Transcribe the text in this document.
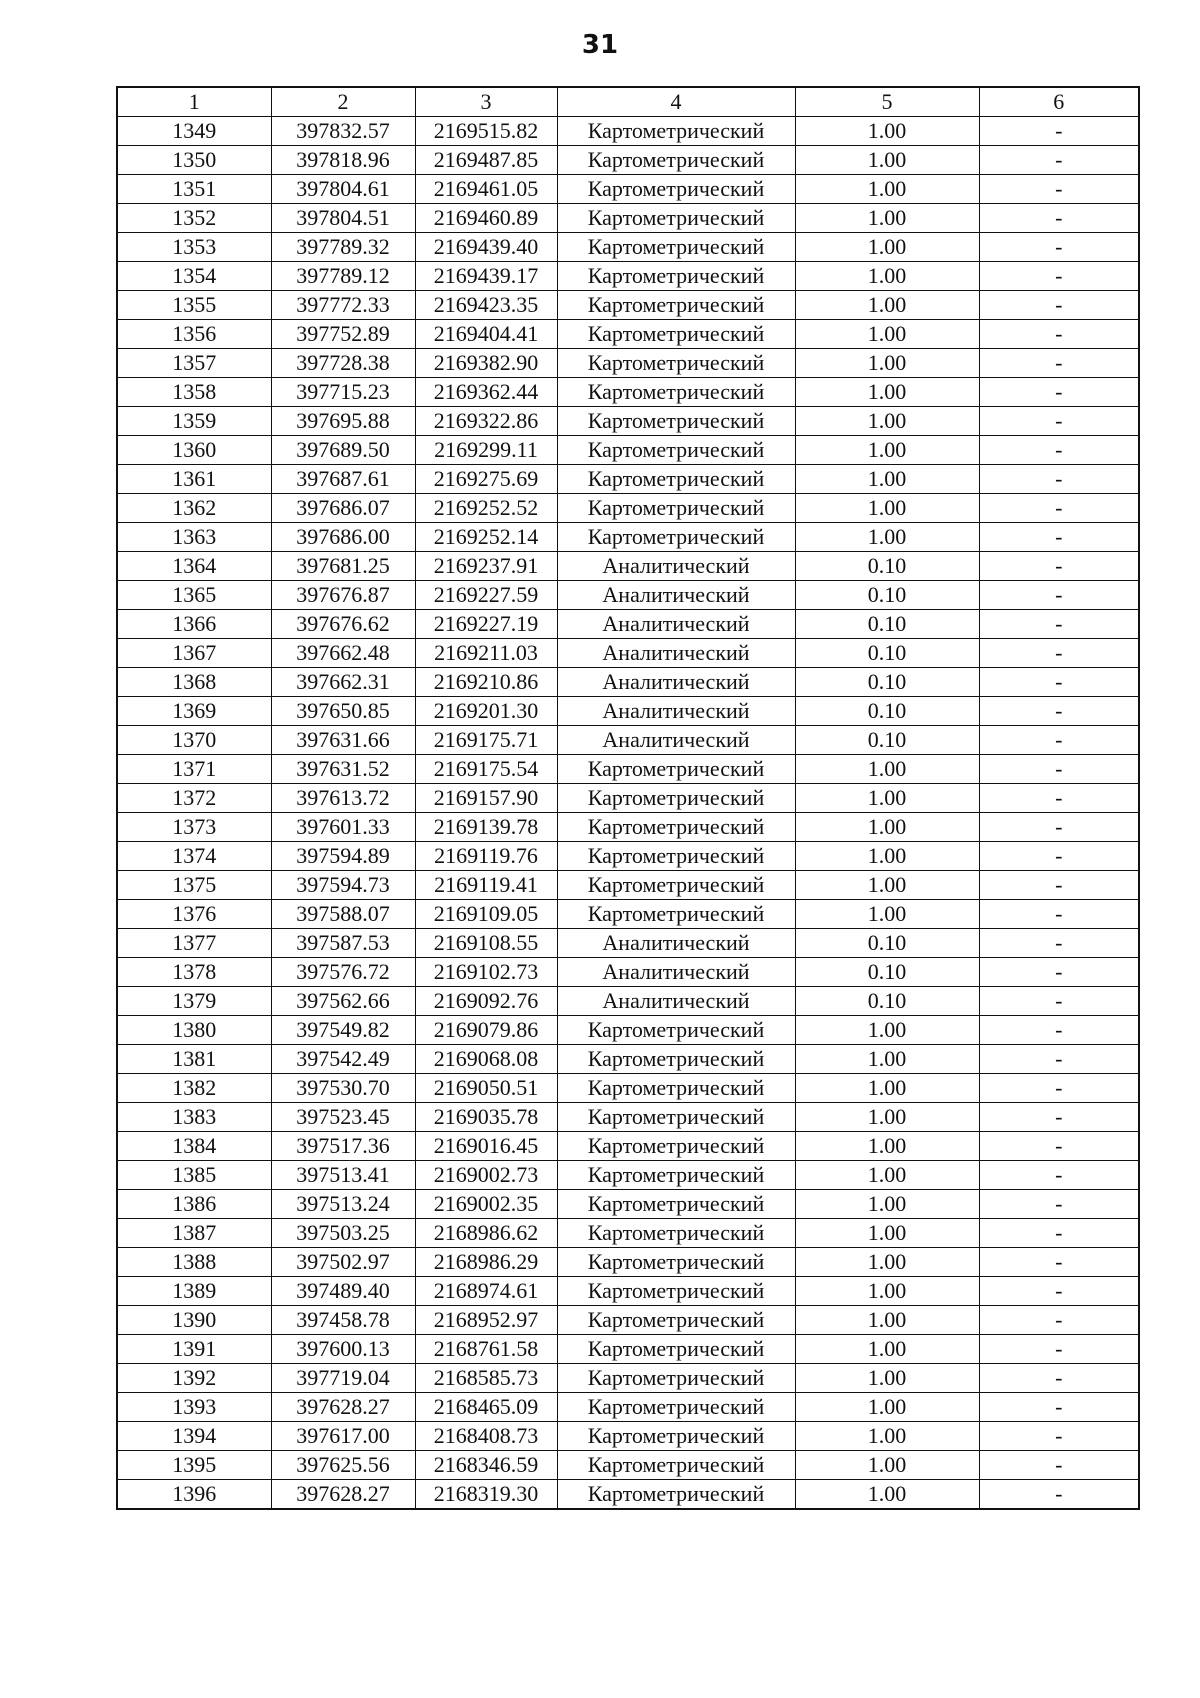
31
1	2	3	4	5	6
1349	397832.57	2169515.82	Картометрический	1.00	-
1350	397818.96	2169487.85	Картометрический	1.00	-
1351	397804.61	2169461.05	Картометрический	1.00	-
1352	397804.51	2169460.89	Картометрический	1.00	-
1353	397789.32	2169439.40	Картометрический	1.00	-
1354	397789.12	2169439.17	Картометрический	1.00	-
1355	397772.33	2169423.35	Картометрический	1.00	-
1356	397752.89	2169404.41	Картометрический	1.00	-
1357	397728.38	2169382.90	Картометрический	1.00	-
1358	397715.23	2169362.44	Картометрический	1.00	-
1359	397695.88	2169322.86	Картометрический	1.00	-
1360	397689.50	2169299.11	Картометрический	1.00	-
1361	397687.61	2169275.69	Картометрический	1.00	-
1362	397686.07	2169252.52	Картометрический	1.00	-
1363	397686.00	2169252.14	Картометрический	1.00	-
1364	397681.25	2169237.91	Аналитический	0.10	-
1365	397676.87	2169227.59	Аналитический	0.10	-
1366	397676.62	2169227.19	Аналитический	0.10	-
1367	397662.48	2169211.03	Аналитический	0.10	-
1368	397662.31	2169210.86	Аналитический	0.10	-
1369	397650.85	2169201.30	Аналитический	0.10	-
1370	397631.66	2169175.71	Аналитический	0.10	-
1371	397631.52	2169175.54	Картометрический	1.00	-
1372	397613.72	2169157.90	Картометрический	1.00	-
1373	397601.33	2169139.78	Картометрический	1.00	-
1374	397594.89	2169119.76	Картометрический	1.00	-
1375	397594.73	2169119.41	Картометрический	1.00	-
1376	397588.07	2169109.05	Картометрический	1.00	-
1377	397587.53	2169108.55	Аналитический	0.10	-
1378	397576.72	2169102.73	Аналитический	0.10	-
1379	397562.66	2169092.76	Аналитический	0.10	-
1380	397549.82	2169079.86	Картометрический	1.00	-
1381	397542.49	2169068.08	Картометрический	1.00	-
1382	397530.70	2169050.51	Картометрический	1.00	-
1383	397523.45	2169035.78	Картометрический	1.00	-
1384	397517.36	2169016.45	Картометрический	1.00	-
1385	397513.41	2169002.73	Картометрический	1.00	-
1386	397513.24	2169002.35	Картометрический	1.00	-
1387	397503.25	2168986.62	Картометрический	1.00	-
1388	397502.97	2168986.29	Картометрический	1.00	-
1389	397489.40	2168974.61	Картометрический	1.00	-
1390	397458.78	2168952.97	Картометрический	1.00	-
1391	397600.13	2168761.58	Картометрический	1.00	-
1392	397719.04	2168585.73	Картометрический	1.00	-
1393	397628.27	2168465.09	Картометрический	1.00	-
1394	397617.00	2168408.73	Картометрический	1.00	-
1395	397625.56	2168346.59	Картометрический	1.00	-
1396	397628.27	2168319.30	Картометрический	1.00	-
